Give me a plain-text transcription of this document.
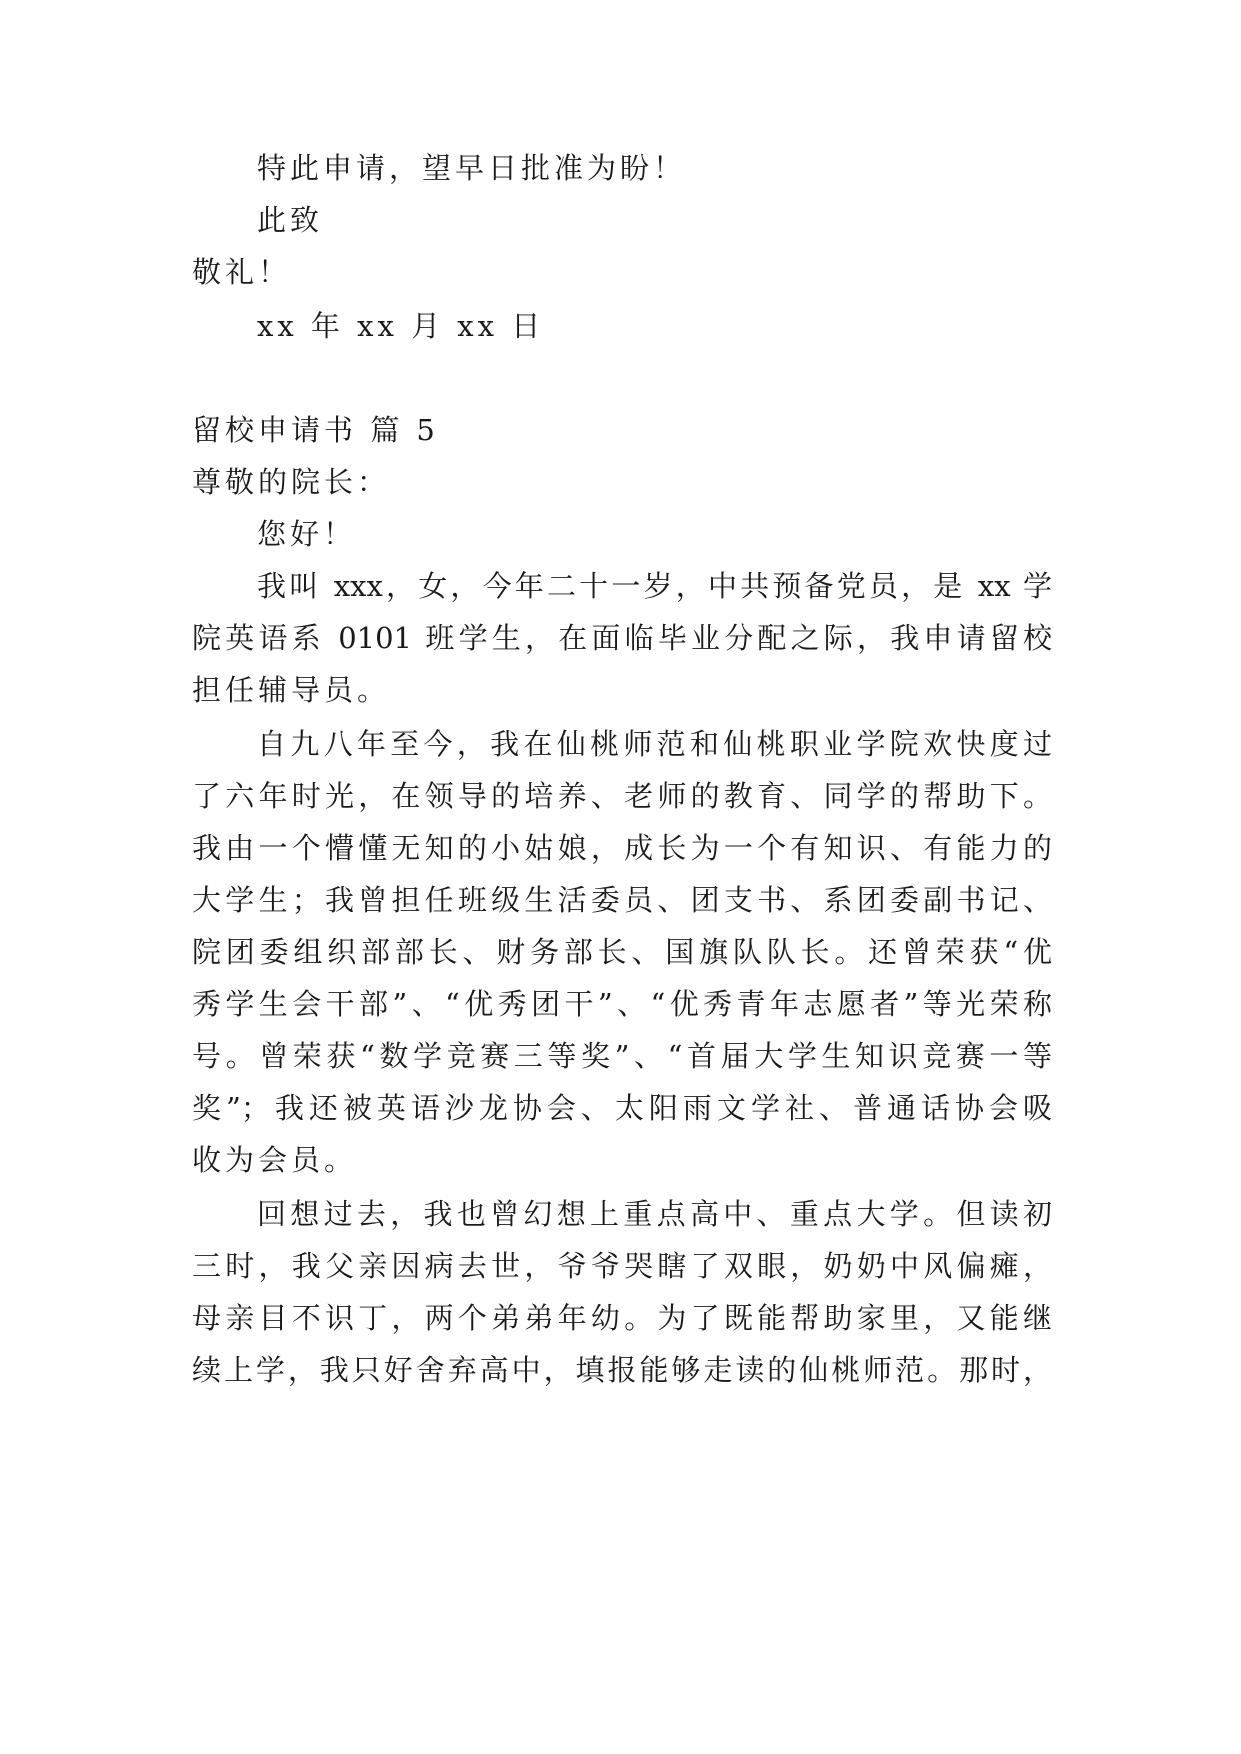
特此申请，望早日批准为盼！
此致
敬礼！
xx 年 xx 月 xx 日
留校申请书 篇 5
尊敬的院长：
您好！
我叫 xxx，女，今年二十一岁，中共预备党员，是 xx 学
院英语系 0101 班学生，在面临毕业分配之际，我申请留校
担任辅导员。
自九八年至今，我在仙桃师范和仙桃职业学院欢快度过
了六年时光，在领导的培养、老师的教育、同学的帮助下。
我由一个懵懂无知的小姑娘，成长为一个有知识、有能力的
大学生；我曾担任班级生活委员、团支书、系团委副书记、
院团委组织部部长、财务部长、国旗队队长。还曾荣获“优
秀学生会干部”、“优秀团干”、“优秀青年志愿者”等光荣称
号。曾荣获“数学竞赛三等奖”、“首届大学生知识竞赛一等
奖”；我还被英语沙龙协会、太阳雨文学社、普通话协会吸
收为会员。
回想过去，我也曾幻想上重点高中、重点大学。但读初
三时，我父亲因病去世，爷爷哭瞎了双眼，奶奶中风偏瘫，
母亲目不识丁，两个弟弟年幼。为了既能帮助家里，又能继
续上学，我只好舍弃高中，填报能够走读的仙桃师范。那时，
